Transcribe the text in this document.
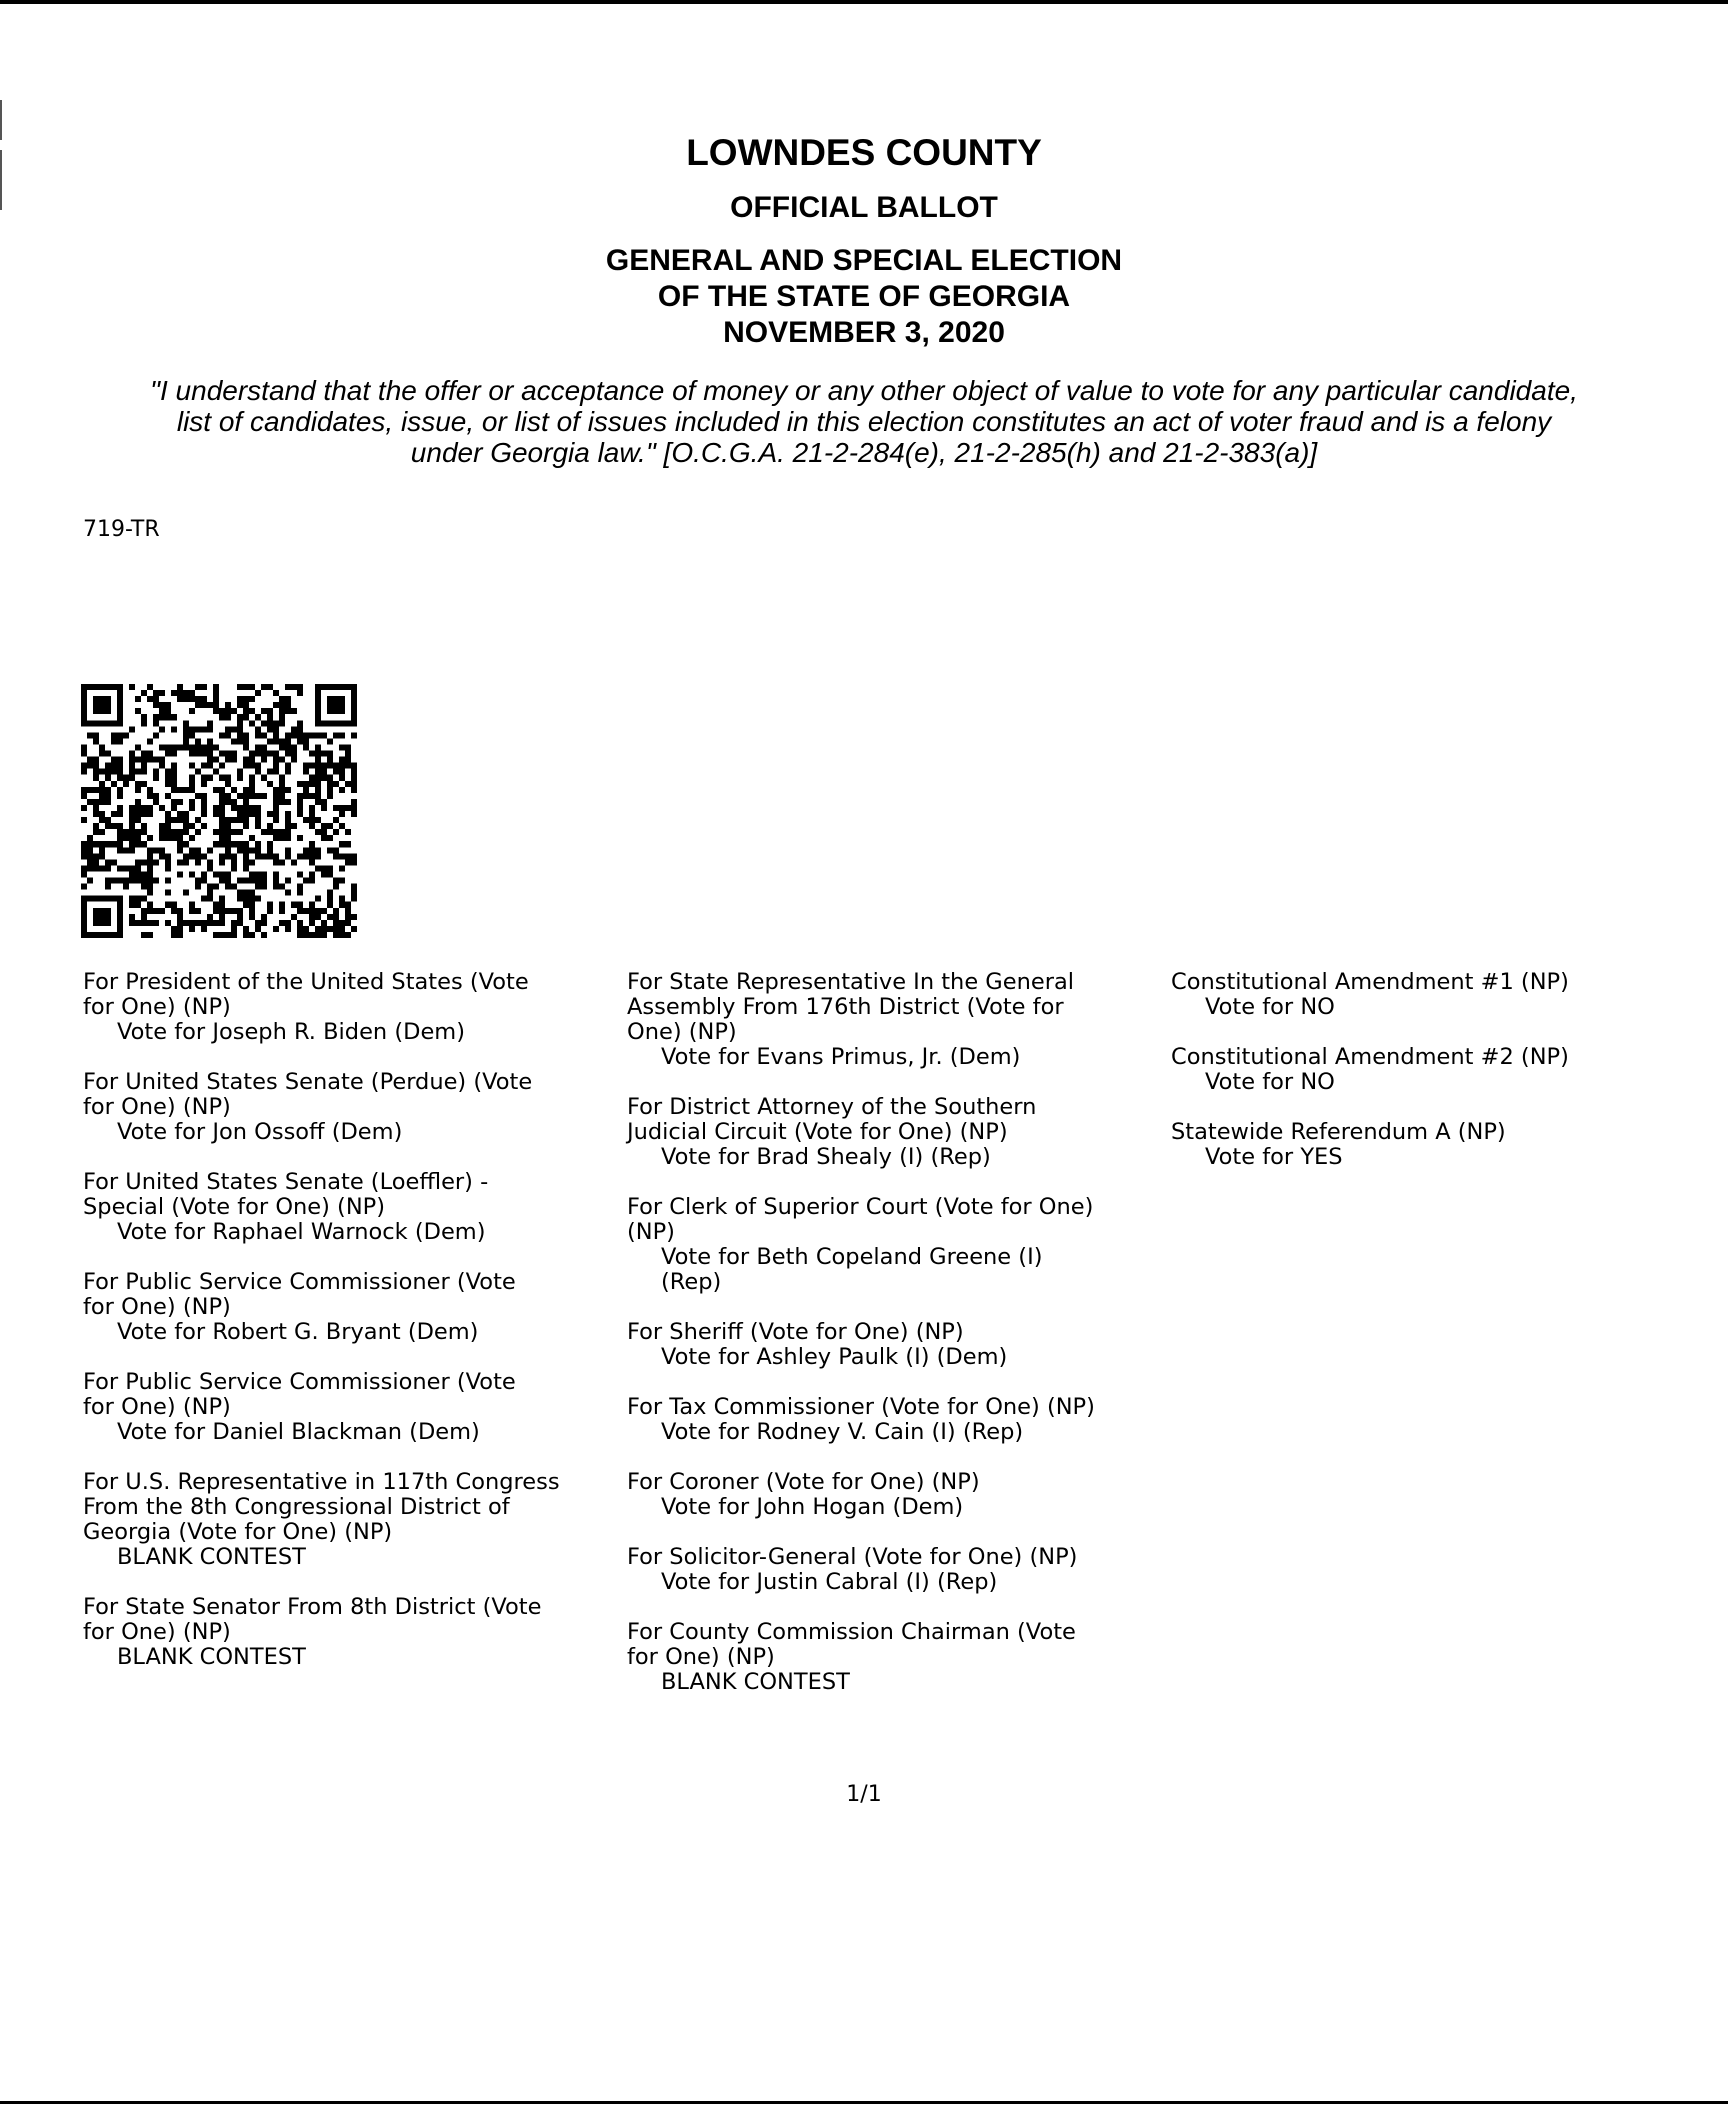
LOWNDES COUNTY
OFFICIAL BALLOT
GENERAL AND SPECIAL ELECTION
OF THE STATE OF GEORGIA
NOVEMBER 3, 2020
"I understand that the offer or acceptance of money or any other object of value to vote for any particular candidate,
list of candidates, issue, or list of issues included in this election constitutes an act of voter fraud and is a felony
under Georgia law." [O.C.G.A. 21-2-284(e), 21-2-285(h) and 21-2-383(a)]
719-TR
For President of the United States (Vote
for One) (NP)
Vote for Joseph R. Biden (Dem)
For United States Senate (Perdue) (Vote
for One) (NP)
Vote for Jon Ossoff (Dem)
For United States Senate (Loeffler) -
Special (Vote for One) (NP)
Vote for Raphael Warnock (Dem)
For Public Service Commissioner (Vote
for One) (NP)
Vote for Robert G. Bryant (Dem)
For Public Service Commissioner (Vote
for One) (NP)
Vote for Daniel Blackman (Dem)
For U.S. Representative in 117th Congress
From the 8th Congressional District of
Georgia (Vote for One) (NP)
BLANK CONTEST
For State Senator From 8th District (Vote
for One) (NP)
BLANK CONTEST
For State Representative In the General
Assembly From 176th District (Vote for
One) (NP)
Vote for Evans Primus, Jr. (Dem)
For District Attorney of the Southern
Judicial Circuit (Vote for One) (NP)
Vote for Brad Shealy (I) (Rep)
For Clerk of Superior Court (Vote for One)
(NP)
Vote for Beth Copeland Greene (I)
(Rep)
For Sheriff (Vote for One) (NP)
Vote for Ashley Paulk (I) (Dem)
For Tax Commissioner (Vote for One) (NP)
Vote for Rodney V. Cain (I) (Rep)
For Coroner (Vote for One) (NP)
Vote for John Hogan (Dem)
For Solicitor-General (Vote for One) (NP)
Vote for Justin Cabral (I) (Rep)
For County Commission Chairman (Vote
for One) (NP)
BLANK CONTEST
Constitutional Amendment #1 (NP)
Vote for NO
Constitutional Amendment #2 (NP)
Vote for NO
Statewide Referendum A (NP)
Vote for YES
1/1
